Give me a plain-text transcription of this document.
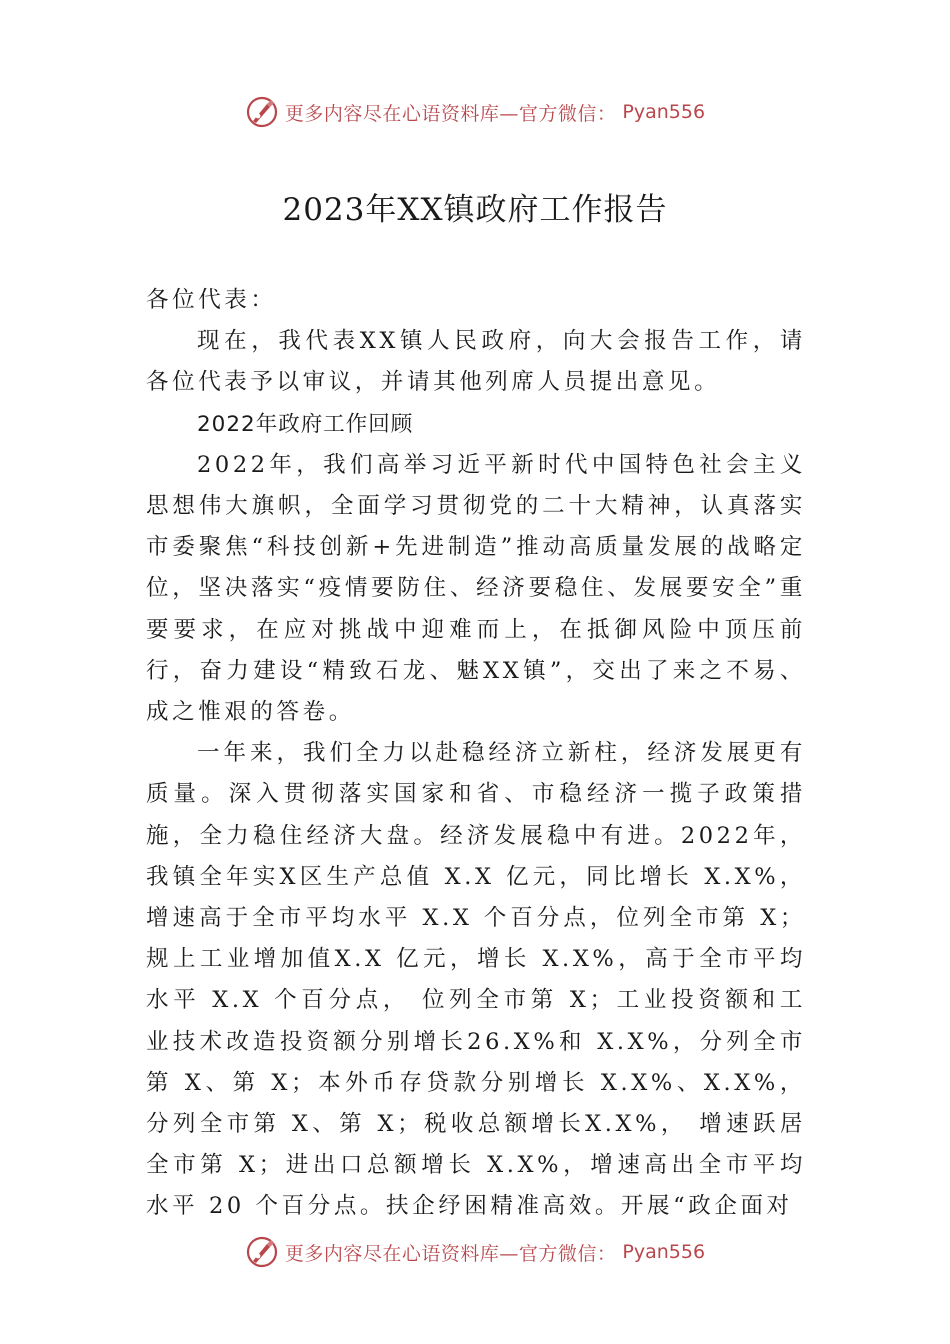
更多内容尽在心语资料库—官方微信： Pyan556
2023年XX镇政府工作报告

各位代表：

现在，我代表XX镇人民政府，向大会报告工作，请各位代表予以审议，并请其他列席人员提出意见。

2022年政府工作回顾

2022年，我们高举习近平新时代中国特色社会主义思想伟大旗帜，全面学习贯彻党的二十大精神，认真落实市委聚焦“科技创新+先进制造”推动高质量发展的战略定位，坚决落实“疫情要防住、经济要稳住、发展要安全”重要要求，在应对挑战中迎难而上，在抵御风险中顶压前行，奋力建设“精致石龙、魅XX镇”，交出了来之不易、成之惟艰的答卷。

一年来，我们全力以赴稳经济立新柱，经济发展更有质量。深入贯彻落实国家和省、市稳经济一揽子政策措施，全力稳住经济大盘。经济发展稳中有进。2022年，我镇全年实X区生产总值 X.X 亿元，同比增长 X.X%，增速高于全市平均水平 X.X 个百分点，位列全市第 X；规上工业增加值X.X 亿元，增长 X.X%，高于全市平均水平 X.X 个百分点， 位列全市第 X；工业投资额和工业技术改造投资额分别增长26.X%和 X.X%，分列全市第 X、第 X；本外币存贷款分别增长 X.X%、X.X%，分列全市第 X、第 X；税收总额增长X.X%， 增速跃居全市第 X；进出口总额增长 X.X%，增速高出全市平均水平 20 个百分点。扶企纾困精准高效。开展“政企面对

更多内容尽在心语资料库—官方微信： Pyan556
